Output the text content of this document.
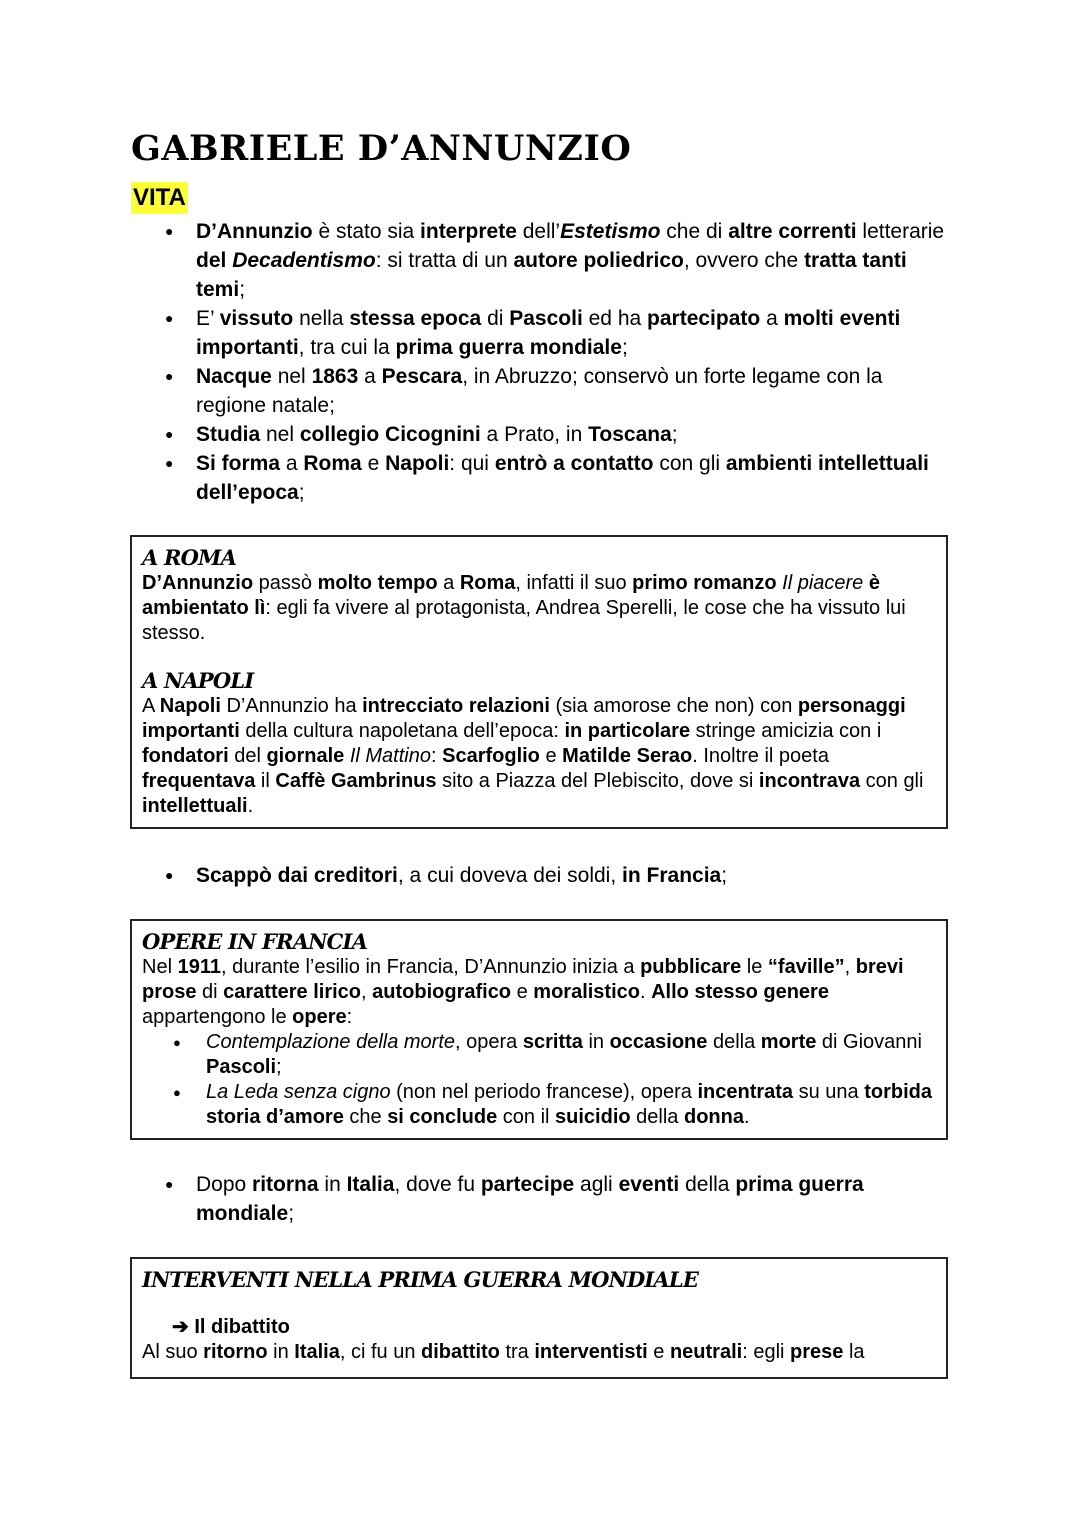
GABRIELE D’ANNUNZIO
VITA
● D’Annunzio è stato sia interprete dell’Estetismo che di altre correnti letterarie del Decadentismo: si tratta di un autore poliedrico, ovvero che tratta tanti temi;
● E’ vissuto nella stessa epoca di Pascoli ed ha partecipato a molti eventi importanti, tra cui la prima guerra mondiale;
● Nacque nel 1863 a Pescara, in Abruzzo; conservò un forte legame con la regione natale;
● Studia nel collegio Cicognini a Prato, in Toscana;
● Si forma a Roma e Napoli: qui entrò a contatto con gli ambienti intellettuali dell’epoca;
A ROMA

D’Annunzio passò molto tempo a Roma, infatti il suo primo romanzo Il piacere è ambientato lì: egli fa vivere al protagonista, Andrea Sperelli, le cose che ha vissuto lui stesso.

A NAPOLI

A Napoli D’Annunzio ha intrecciato relazioni (sia amorose che non) con personaggi importanti della cultura napoletana dell’epoca: in particolare stringe amicizia con i fondatori del giornale Il Mattino: Scarfoglio e Matilde Serao. Inoltre il poeta frequentava il Caffè Gambrinus sito a Piazza del Plebiscito, dove si incontrava con gli intellettuali.

● Scappò dai creditori, a cui doveva dei soldi, in Francia;
OPERE IN FRANCIA

Nel 1911, durante l’esilio in Francia, D’Annunzio inizia a pubblicare le “faville”, brevi prose di carattere lirico, autobiografico e moralistico. Allo stesso genere appartengono le opere:

● Contemplazione della morte, opera scritta in occasione della morte di Giovanni Pascoli;
● La Leda senza cigno (non nel periodo francese), opera incentrata su una torbida storia d’amore che si conclude con il suicidio della donna.
● Dopo ritorna in Italia, dove fu partecipe agli eventi della prima guerra mondiale;
INTERVENTI NELLA PRIMA GUERRA MONDIALE

➔ Il dibattito

Al suo ritorno in Italia, ci fu un dibattito tra interventisti e neutrali: egli prese la
